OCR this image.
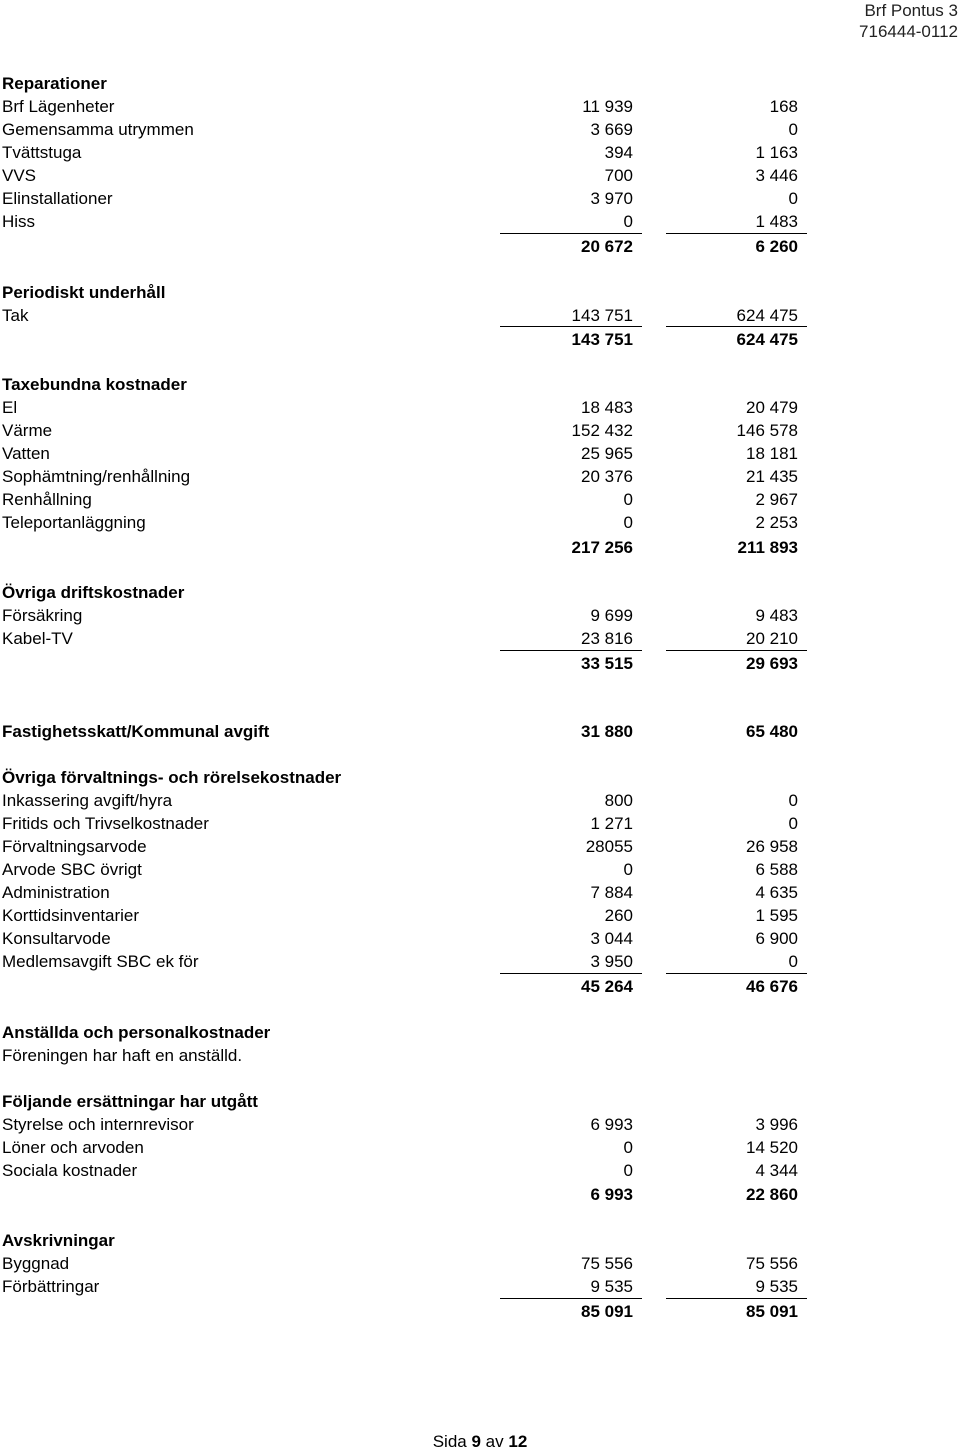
Brf Pontus 3
716444-0112
Reparationer
Brf Lägenheter	11 939	168
Gemensamma utrymmen	3 669	0
Tvättstuga	394	1 163
VVS	700	3 446
Elinstallationer	3 970	0
Hiss	0	1 483
20 672	6 260
Periodiskt underhåll
Tak	143 751	624 475
143 751	624 475
Taxebundna kostnader
El	18 483	20 479
Värme	152 432	146 578
Vatten	25 965	18 181
Sophämtning/renhållning	20 376	21 435
Renhållning	0	2 967
Teleportanläggning	0	2 253
217 256	211 893
Övriga driftskostnader
Försäkring	9 699	9 483
Kabel-TV	23 816	20 210
33 515	29 693
Fastighetsskatt/Kommunal avgift	31 880	65 480
Övriga förvaltnings- och rörelsekostnader
Inkassering avgift/hyra	800	0
Fritids och Trivselkostnader	1 271	0
Förvaltningsarvode	28055	26 958
Arvode SBC övrigt	0	6 588
Administration	7 884	4 635
Korttidsinventarier	260	1 595
Konsultarvode	3 044	6 900
Medlemsavgift SBC ek för	3 950	0
45 264	46 676
Anställda och personalkostnader
Föreningen har haft en anställd.
Följande ersättningar har utgått
Styrelse och internrevisor	6 993	3 996
Löner och arvoden	0	14 520
Sociala kostnader	0	4 344
6 993	22 860
Avskrivningar
Byggnad	75 556	75 556
Förbättringar	9 535	9 535
85 091	85 091
Sida 9 av 12
